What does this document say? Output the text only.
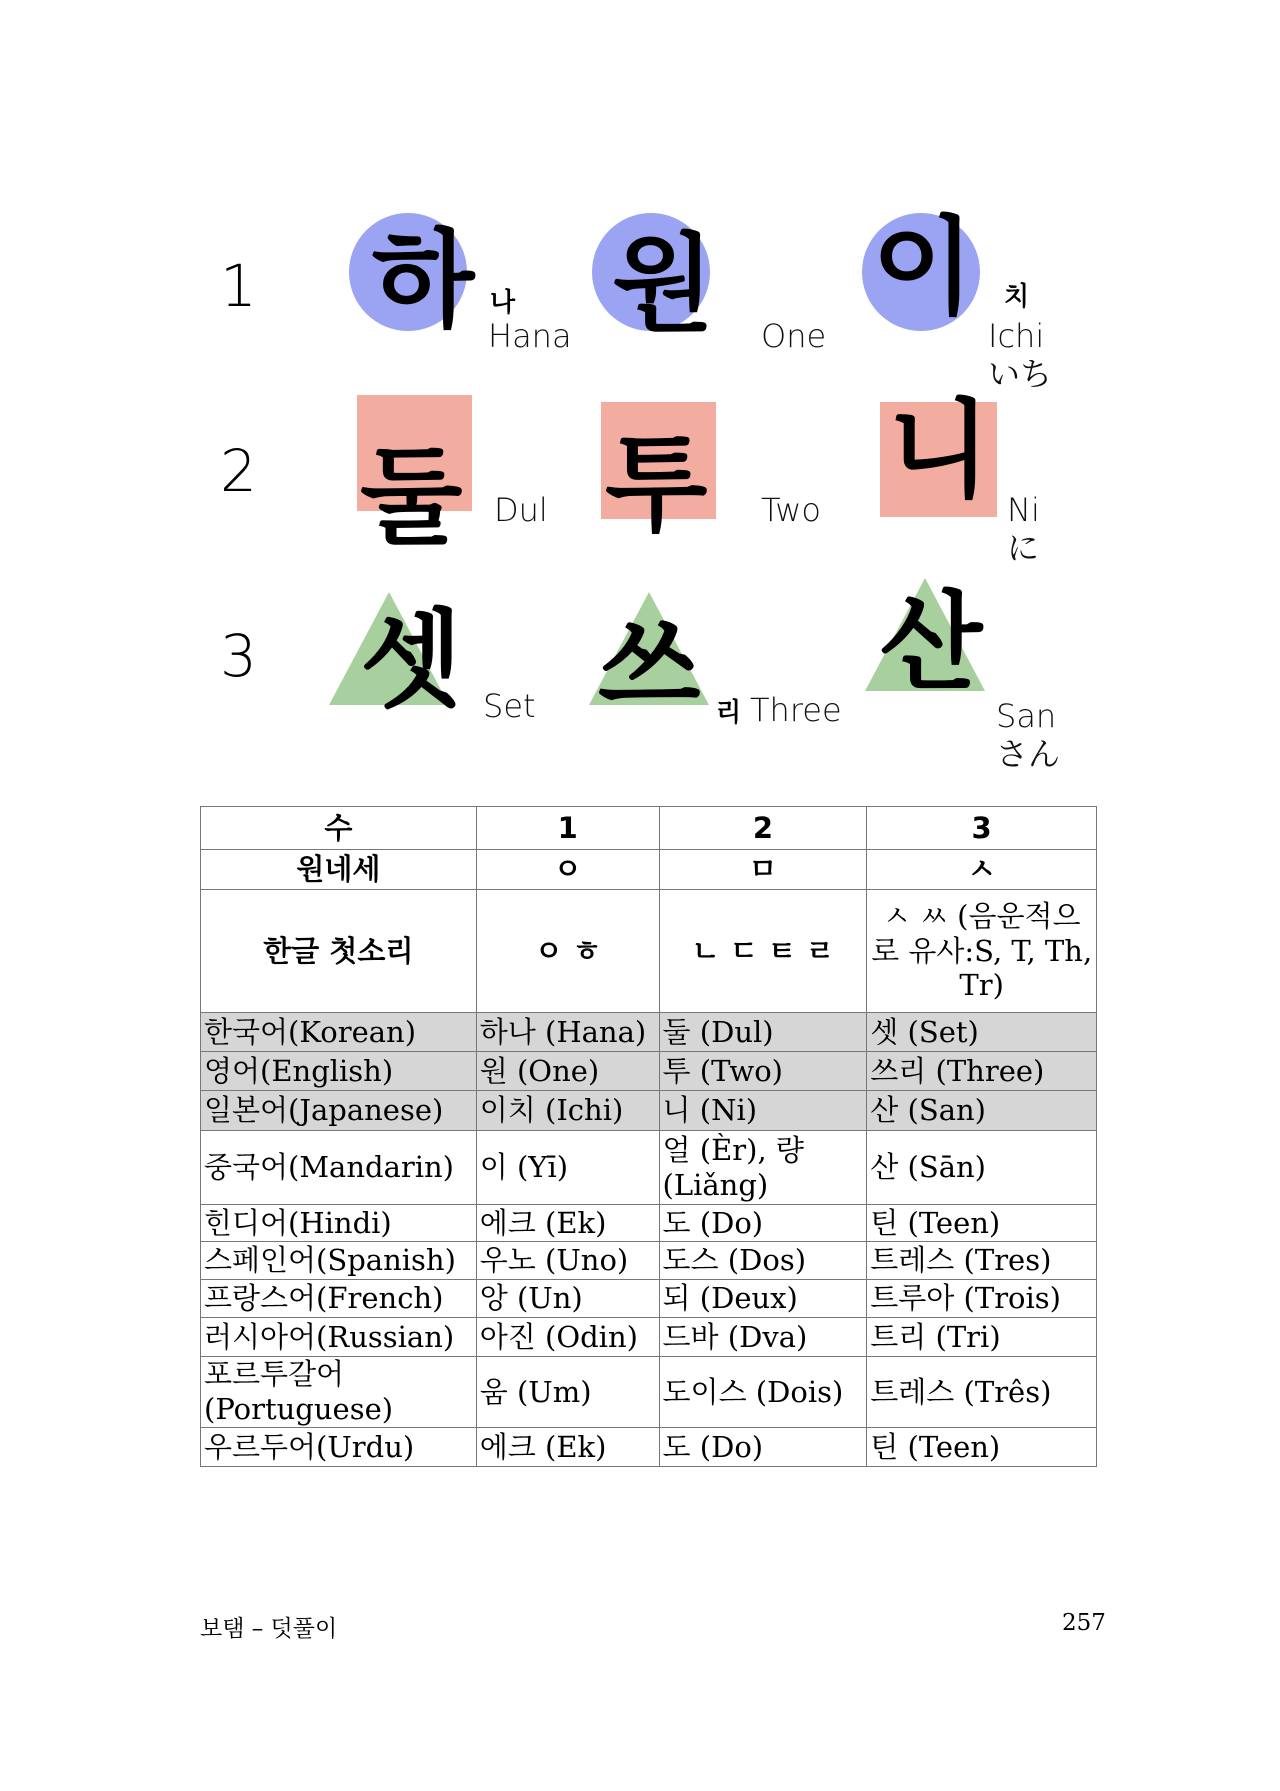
1
2
3
하 나
Hana 원 One
이 치
Ichi
いち
둘 Dul 투 Two 니 Ni
に
셋 Set 쓰 리 Three
산
San
さん
수	1	2	3
원네세	ㅇ	ㅁ	ㅅ
한글 첫소리	ㅇ ㅎ	ㄴ ㄷ ㅌ ㄹ	ㅅ ㅆ (음운적으로 유사:S, T, Th, Tr)
한국어(Korean)	하나 (Hana)	둘 (Dul)	셋 (Set)
영어(English)	원 (One)	투 (Two)	쓰리 (Three)
일본어(Japanese)	이치 (Ichi)	니 (Ni)	산 (San)
중국어(Mandarin)	이 (Yī)	얼 (Èr), 량 (Liǎng)	산 (Sān)
힌디어(Hindi)	에크 (Ek)	도 (Do)	틴 (Teen)
스페인어(Spanish)	우노 (Uno)	도스 (Dos)	트레스 (Tres)
프랑스어(French)	앙 (Un)	되 (Deux)	트루아 (Trois)
러시아어(Russian)	아진 (Odin)	드바 (Dva)	트리 (Tri)
포르투갈어 (Portuguese)	움 (Um)	도이스 (Dois)	트레스 (Três)
우르두어(Urdu)	에크 (Ek)	도 (Do)	틴 (Teen)
보탬 – 덧풀이	257
